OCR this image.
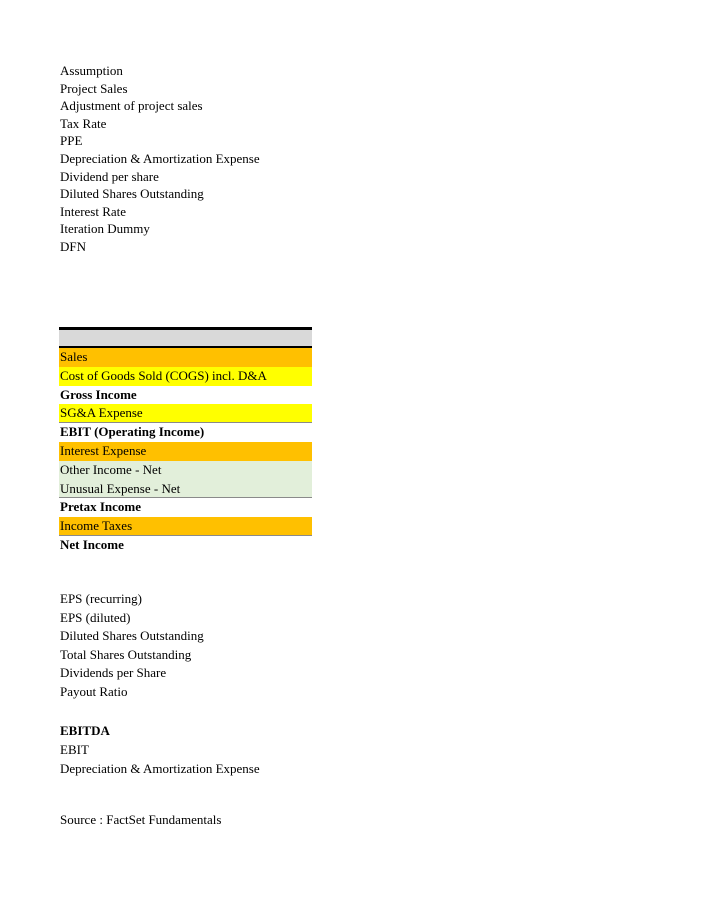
Assumption
Project Sales
Adjustment of project sales
Tax Rate
PPE
Depreciation & Amortization Expense
Dividend per share
Diluted Shares Outstanding
Interest Rate
Iteration Dummy
DFN
Sales
Cost of Goods Sold (COGS) incl. D&A
Gross Income
SG&A Expense
EBIT (Operating Income)
Interest Expense
Other Income - Net
Unusual Expense - Net
Pretax Income
Income Taxes
Net Income
EPS (recurring)
EPS (diluted)
Diluted Shares Outstanding
Total Shares Outstanding
Dividends per Share
Payout Ratio
EBITDA
EBIT
Depreciation & Amortization Expense
Source : FactSet Fundamentals
